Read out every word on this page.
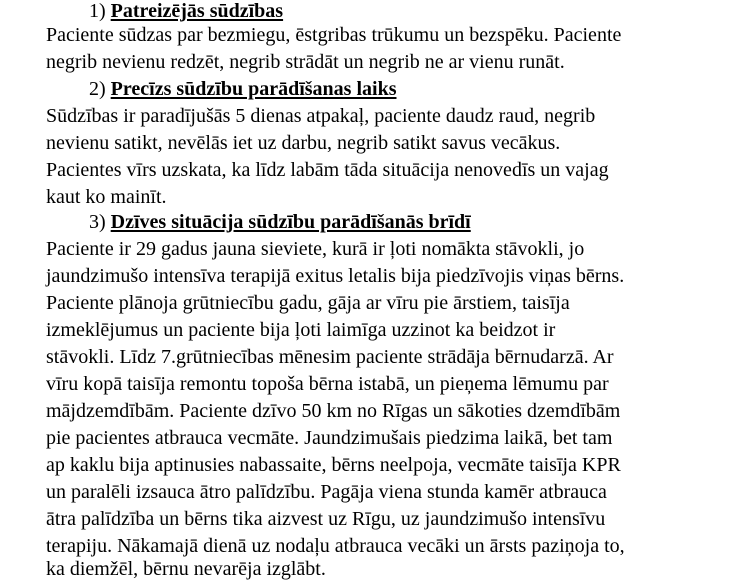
1) Patreizējās sūdzības
Paciente sūdzas par bezmiegu, ēstgribas trūkumu un bezspēku. Paciente
negrib nevienu redzēt, negrib strādāt un negrib ne ar vienu runāt.
2) Precīzs sūdzību parādīšanas laiks
Sūdzības ir paradījušās 5 dienas atpakaļ, paciente daudz raud, negrib
nevienu satikt, nevēlās iet uz darbu, negrib satikt savus vecākus.
Pacientes vīrs uzskata, ka līdz labām tāda situācija nenovedīs un vajag
kaut ko mainīt.
3) Dzīves situācija sūdzību parādīšanās brīdī
Paciente ir 29 gadus jauna sieviete, kurā ir ļoti nomākta stāvokli, jo
jaundzimušo intensīva terapijā exitus letalis bija piedzīvojis viņas bērns.
Paciente plānoja grūtniecību gadu, gāja ar vīru pie ārstiem, taisīja
izmeklējumus un paciente bija ļoti laimīga uzzinot ka beidzot ir
stāvokli. Līdz 7.grūtniecības mēnesim paciente strādāja bērnudarzā. Ar
vīru kopā taisīja remontu topoša bērna istabā, un pieņema lēmumu par
mājdzemdībām. Paciente dzīvo 50 km no Rīgas un sākoties dzemdībām
pie pacientes atbrauca vecmāte. Jaundzimušais piedzima laikā, bet tam
ap kaklu bija aptinusies nabassaite, bērns neelpoja, vecmāte taisīja KPR
un paralēli izsauca ātro palīdzību. Pagāja viena stunda kamēr atbrauca
ātra palīdzība un bērns tika aizvest uz Rīgu, uz jaundzimušo intensīvu
terapiju. Nākamajā dienā uz nodaļu atbrauca vecāki un ārsts paziņoja to,
ka diemžēl, bērnu nevarēja izglābt.
